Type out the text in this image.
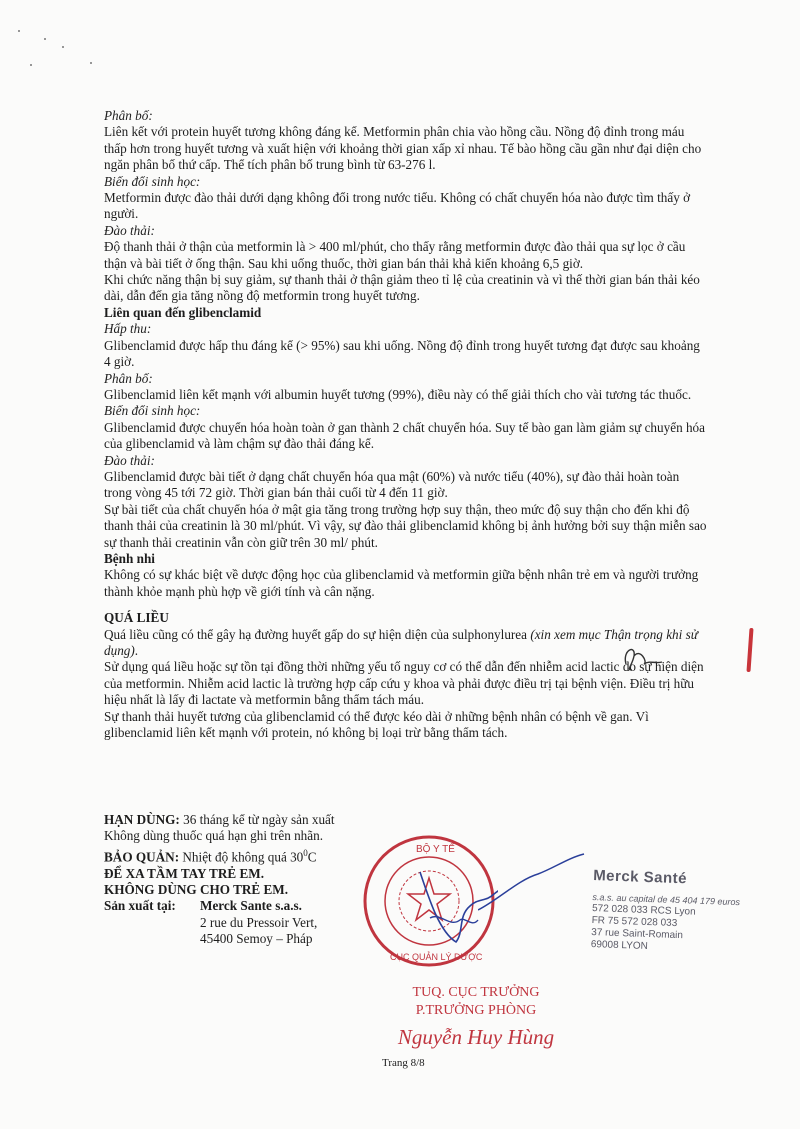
Phân bố:

Liên kết với protein huyết tương không đáng kể. Metformin phân chia vào hồng cầu. Nồng độ đỉnh trong máu thấp hơn trong huyết tương và xuất hiện với khoảng thời gian xấp xỉ nhau. Tế bào hồng cầu gần như đại diện cho ngăn phân bố thứ cấp. Thể tích phân bố trung bình từ 63-276 l.

Biến đổi sinh học:

Metformin được đào thải dưới dạng không đổi trong nước tiểu. Không có chất chuyển hóa nào được tìm thấy ở người.

Đào thải:

Độ thanh thải ở thận của metformin là > 400 ml/phút, cho thấy rằng metformin được đào thải qua sự lọc ở cầu thận và bài tiết ở ống thận. Sau khi uống thuốc, thời gian bán thải khả kiến khoảng 6,5 giờ.

Khi chức năng thận bị suy giảm, sự thanh thải ở thận giảm theo tỉ lệ của creatinin và vì thế thời gian bán thải kéo dài, dẫn đến gia tăng nồng độ metformin trong huyết tương.

Liên quan đến glibenclamid

Hấp thu:

Glibenclamid được hấp thu đáng kể (> 95%) sau khi uống. Nồng độ đỉnh trong huyết tương đạt được sau khoảng 4 giờ.

Phân bố:

Glibenclamid liên kết mạnh với albumin huyết tương (99%), điều này có thể giải thích cho vài tương tác thuốc.

Biến đổi sinh học:

Glibenclamid được chuyển hóa hoàn toàn ở gan thành 2 chất chuyển hóa. Suy tế bào gan làm giảm sự chuyển hóa của glibenclamid và làm chậm sự đào thải đáng kể.

Đào thải:

Glibenclamid được bài tiết ở dạng chất chuyển hóa qua mật (60%) và nước tiểu (40%), sự đào thải hoàn toàn trong vòng 45 tới 72 giờ. Thời gian bán thải cuối từ 4 đến 11 giờ.

Sự bài tiết của chất chuyển hóa ở mật gia tăng trong trường hợp suy thận, theo mức độ suy thận cho đến khi độ thanh thải của creatinin là 30 ml/phút. Vì vậy, sự đào thải glibenclamid không bị ảnh hưởng bởi suy thận miễn sao sự thanh thải creatinin vẫn còn giữ trên 30 ml/ phút.

Bệnh nhi

Không có sự khác biệt về dược động học của glibenclamid và metformin giữa bệnh nhân trẻ em và người trưởng thành khỏe mạnh phù hợp về giới tính và cân nặng.

QUÁ LIỀU

Quá liều cũng có thể gây hạ đường huyết gấp do sự hiện diện của sulphonylurea (xin xem mục Thận trọng khi sử dụng).

Sử dụng quá liều hoặc sự tồn tại đồng thời những yếu tố nguy cơ có thể dẫn đến nhiễm acid lactic do sự hiện diện của metformin. Nhiễm acid lactic là trường hợp cấp cứu y khoa và phải được điều trị tại bệnh viện. Điều trị hữu hiệu nhất là lấy đi lactate và metformin bằng thẩm tách máu.

Sự thanh thải huyết tương của glibenclamid có thể được kéo dài ở những bệnh nhân có bệnh về gan. Vì glibenclamid liên kết mạnh với protein, nó không bị loại trừ bằng thẩm tách.

HẠN DÙNG: 36 tháng kể từ ngày sản xuất

Không dùng thuốc quá hạn ghi trên nhãn.

BẢO QUẢN: Nhiệt độ không quá $30^0C$

ĐỂ XA TẦM TAY TRẺ EM.

KHÔNG DÙNG CHO TRẺ EM.

Sản xuất tại:	Merck Sante s.a.s.
2 rue du Pressoir Vert,
45400 Semoy – Pháp
BỘ Y TẾ
CỤC QUẢN LÝ DƯỢC
Merck Santé
s.a.s. au capital de 45 404 179 euros
572 028 033 RCS Lyon
FR 75 572 028 033
37 rue Saint-Romain
69008 LYON
TUQ. CỤC TRƯỞNG
P.TRƯỞNG PHÒNG
Nguyễn Huy Hùng
Trang 8/8
